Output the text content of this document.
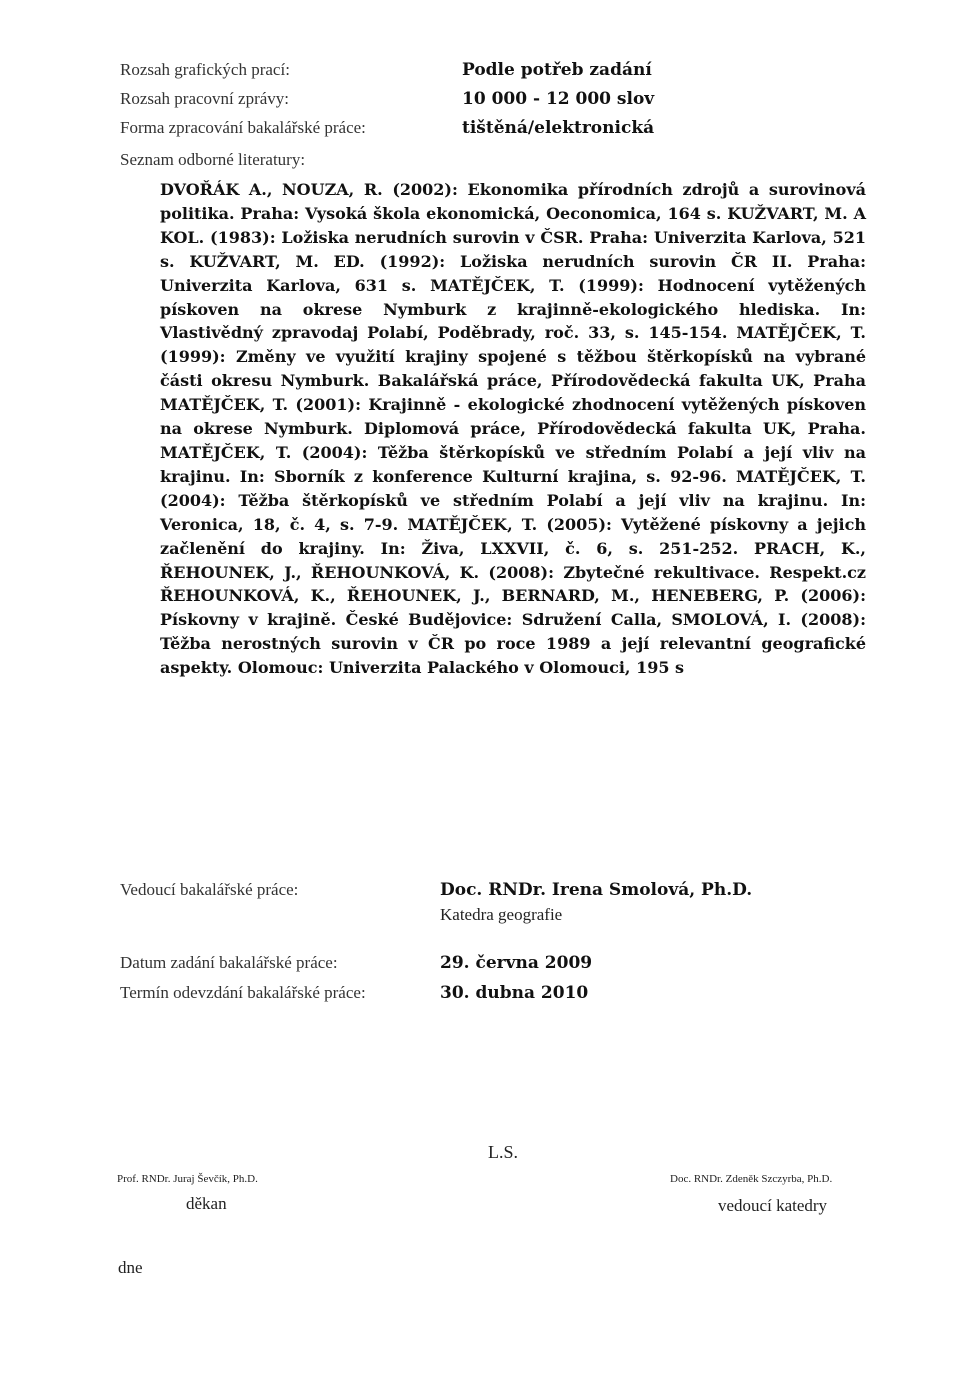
Rozsah grafických prací:	Podle potřeb zadání
Rozsah pracovní zprávy:	10 000 - 12 000 slov
Forma zpracování bakalářské práce:	tištěná/elektronická
Seznam odborné literatury:
DVOŘÁK A., NOUZA, R. (2002): Ekonomika přírodních zdrojů a surovinová politika. Praha: Vysoká škola ekonomická, Oeconomica, 164 s. KUŽVART, M. A KOL. (1983): Ložiska nerudních surovin v ČSR. Praha: Univerzita Karlova, 521 s. KUŽVART, M. ED. (1992): Ložiska nerudních surovin ČR II. Praha: Univerzita Karlova, 631 s. MATĚJČEK, T. (1999): Hodnocení vytěžených pískoven na okrese Nymburk z krajinně-ekologického hlediska. In: Vlastivědný zpravodaj Polabí, Poděbrady, roč. 33, s. 145-154. MATĚJČEK, T. (1999): Změny ve využití krajiny spojené s těžbou štěrkopísků na vybrané části okresu Nymburk. Bakalářská práce, Přírodovědecká fakulta UK, Praha MATĚJČEK, T. (2001): Krajinně - ekologické zhodnocení vytěžených pískoven na okrese Nymburk. Diplomová práce, Přírodovědecká fakulta UK, Praha. MATĚJČEK, T. (2004): Těžba štěrkopísků ve středním Polabí a její vliv na krajinu. In: Sborník z konference Kulturní krajina, s. 92-96. MATĚJČEK, T. (2004): Těžba štěrkopísků ve středním Polabí a její vliv na krajinu. In: Veronica, 18, č. 4, s. 7-9. MATĚJČEK, T. (2005): Vytěžené pískovny a jejich začlenění do krajiny. In: Živa, LXXVII, č. 6, s. 251-252. PRACH, K., ŘEHOUNEK, J., ŘEHOUNKOVÁ, K. (2008): Zbytečné rekultivace. Respekt.cz ŘEHOUNKOVÁ, K., ŘEHOUNEK, J., BERNARD, M., HENEBERG, P. (2006): Pískovny v krajině. České Budějovice: Sdružení Calla, SMOLOVÁ, I. (2008): Těžba nerostných surovin v ČR po roce 1989 a její relevantní geografické aspekty. Olomouc: Univerzita Palackého v Olomouci, 195 s
Vedoucí bakalářské práce:	Doc. RNDr. Irena Smolová, Ph.D.
Katedra geografie
Datum zadání bakalářské práce:	29. června 2009
Termín odevzdání bakalářské práce:	30. dubna 2010
L.S.
Prof. RNDr. Juraj Ševčík, Ph.D.
děkan
Doc. RNDr. Zdeněk Szczyrba, Ph.D.
vedoucí katedry
dne
